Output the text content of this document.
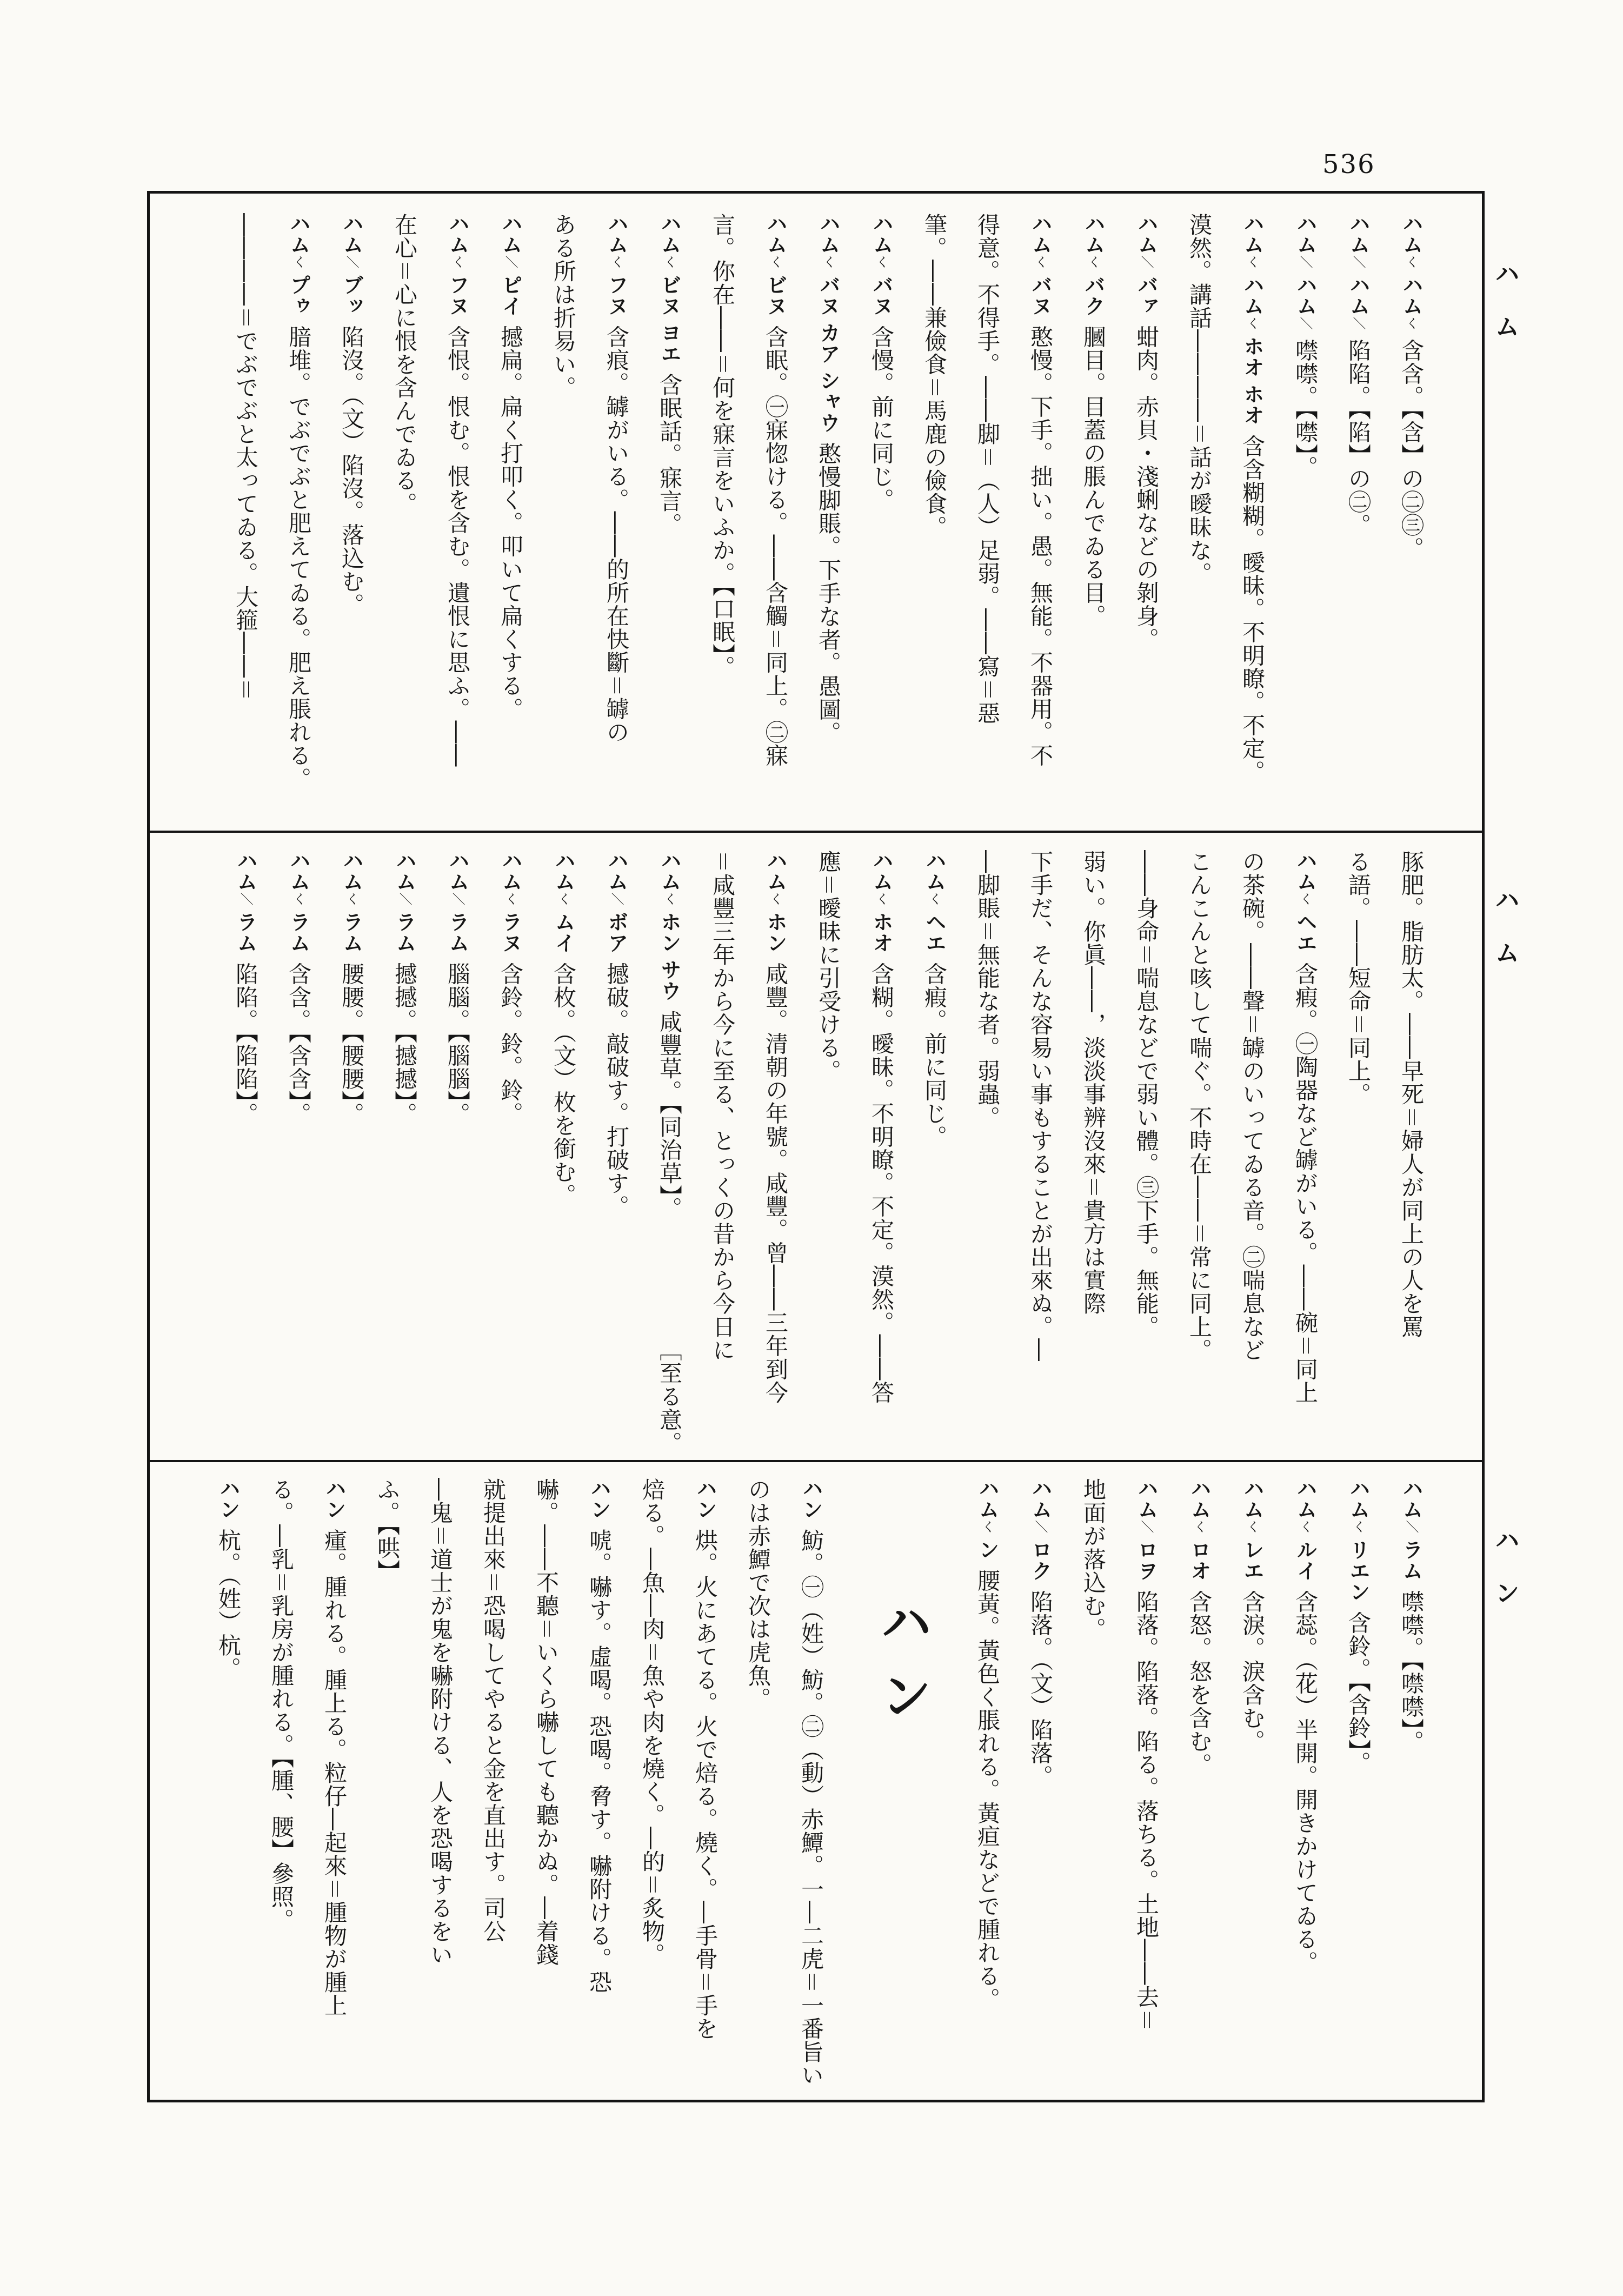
536
ハム
ハム
ハン
ハムく ハムく含含。【含】の㊁㊂。
ハム＼ ハム＼陷陷。【陷】の㊁。
ハム＼ ハム＼噤噤。【噤】。
ハムく ハムく ホオ ホオ含含糊糊。曖昧。不明瞭。不定。
漠然。講話――――＝話が曖昧な。
ハム＼ バァ蚶肉。赤貝・淺蜊などの剝身。
ハムく バク膕目。目蓋の脹んでゐる目。
ハムく バヌ憨慢。下手。拙い。愚。無能。不器用。不
得意。不得手。――脚＝（人）足弱。――寫＝惡
筆。――兼儉食＝馬鹿の儉食。
ハムく バヌ含慢。前に同じ。
ハムく バヌ カア シャウ憨慢脚賬。下手な者。愚圖。
ハムく ビヌ含眠。㊀寐惚ける。――含觸＝同上。㊁寐
言。你在――＝何を寐言をいふか。【口眠】。
ハムく ビヌ ヨエ含眠話。寐言。
ハムく フヌ含痕。罅がいる。――的所在快斷＝罅の
ある所は折易い。
ハム＼ ピイ撼扁。扁く打叩く。叩いて扁くする。
ハムく フヌ含恨。恨む。恨を含む。遺恨に思ふ。――
在心＝心に恨を含んでゐる。
ハム＼ ブッ陷沒。（文）陷沒。落込む。
ハムく プゥ腤堆。でぶでぶと肥えてゐる。肥え脹れる。
――――＝でぶでぶと太ってゐる。大箍――＝
豚肥。脂肪太。――早死＝婦人が同上の人を罵
る語。――短命＝同上。
ハムく ヘエ含瘕。㊀陶器など罅がいる。――碗＝同上
の茶碗。――聲＝罅のいってゐる音。㊁喘息など
こんこんと咳して喘ぐ。不時在――＝常に同上。
――身命＝喘息などで弱い體。㊂下手。無能。
弱い。你眞――，淡淡事辨沒來＝貴方は實際
下手だ、そんな容易い事もすることが出來ぬ。―
―脚賬＝無能な者。弱蟲。
ハムく ヘエ含瘕。前に同じ。
ハムく ホオ含糊。曖昧。不明瞭。不定。漠然。――答
應＝曖昧に引受ける。
ハムく ホン咸豐。清朝の年號。咸豐。曾――三年到今
＝咸豐三年から今に至る、とっくの昔から今日に
ハムく ホン サウ咸豐草。【同治草】。
［至る意。
ハム＼ ボア撼破。敲破す。打破す。
ハムく ムイ含枚。（文）枚を銜む。
ハムく ラヌ含鈴。鈴。鈴。
ハム＼ ラム腦腦。【腦腦】。
ハム＼ ラム撼撼。【撼撼】。
ハムく ラム腰腰。【腰腰】。
ハムく ラム含含。【含含】。
ハム＼ ラム陷陷。【陷陷】。
ハム＼ ラム噤噤。【噤噤】。
ハムく リエン含鈴。【含鈴】。
ハムく ルイ含蕊。（花）半開。開きかけてゐる。
ハムく レエ含淚。淚含む。
ハムく ロオ含怒。怒を含む。
ハム＼ ロヲ陷落。陷落。陷る。落ちる。土地――去＝
地面が落込む。
ハム＼ ロク陷落。（文）陷落。
ハムく ン腰黃。黃色く脹れる。黃疸などで腫れる。
ハン
ハン魴。㊀（姓）魴。㊁（動）赤鱏。一―二虎＝一番旨い
のは赤鱏で次は虎魚。
ハン烘。火にあてる。火で焙る。燒く。―手骨＝手を
焙る。―魚―肉＝魚や肉を燒く。―的＝炙物。
ハン唬。嚇す。虛喝。恐喝。脅す。嚇附ける。恐
嚇。――不聽＝いくら嚇しても聽かぬ。―着錢
就提出來＝恐喝してやると金を直出す。司公
―鬼＝道士が鬼を嚇附ける、人を恐喝するをい
ふ。【哄】
ハン瘇。腫れる。腫上る。粒仔―起來＝腫物が腫上
る。―乳＝乳房が腫れる。【腫、腰】參照。
ハン杭。（姓）杭。
